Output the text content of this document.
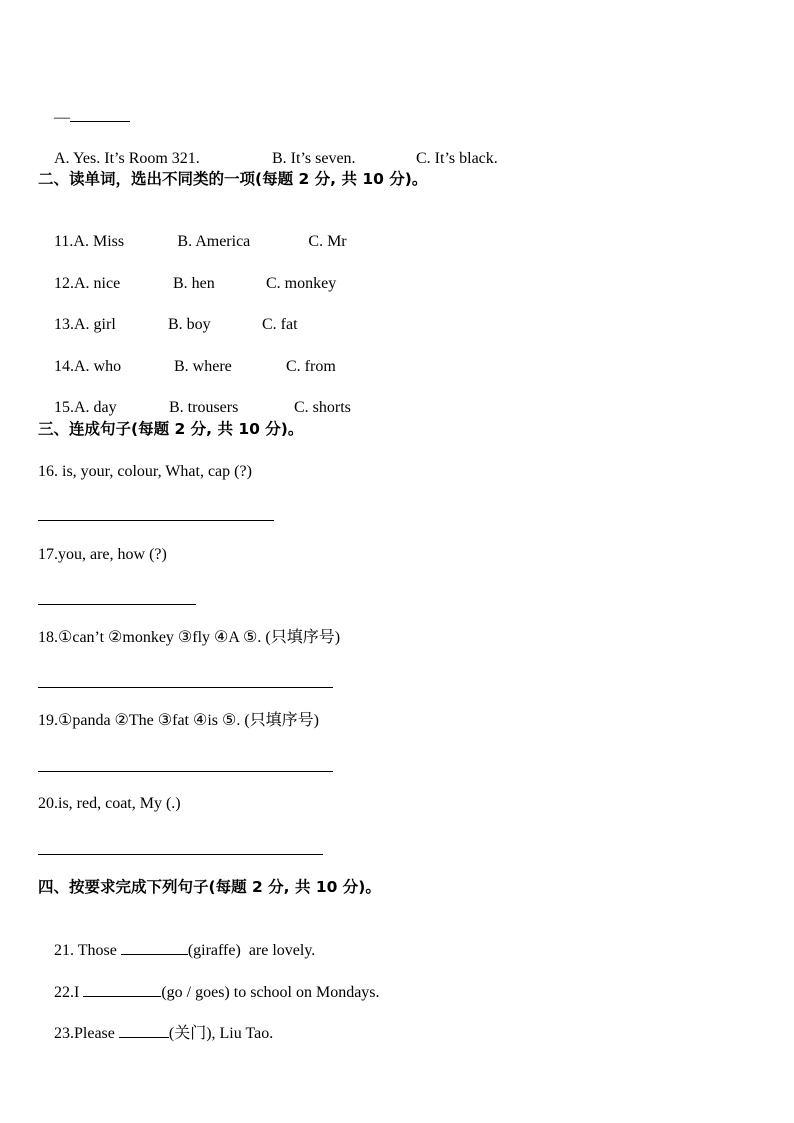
—

A. Yes. It’s Room 321.	B. It’s seven.	C. It’s black.

二、读单词，选出不同类的一项(每题 2 分, 共 10 分)。

11.A. Miss	B. America	C. Mr

12.A. nice	B. hen	C. monkey

13.A. girl	B. boy	C. fat

14.A. who	B. where	C. from

15.A. day	B. trousers	C. shorts

三、连成句子(每题 2 分, 共 10 分)。
16. is, your, colour, What, cap (?)
17.you, are, how (?)
18.①can’t ②monkey ③fly ④A ⑤. (只填序号)
19.①panda ②The ③fat ④is ⑤. (只填序号)
20.is, red, coat, My (.)
四、按要求完成下列句子(每题 2 分, 共 10 分)。

21. Those	(giraffe)  are lovely.

22.I	(go / goes) to school on Mondays.

23.Please	(关门), Liu Tao.
